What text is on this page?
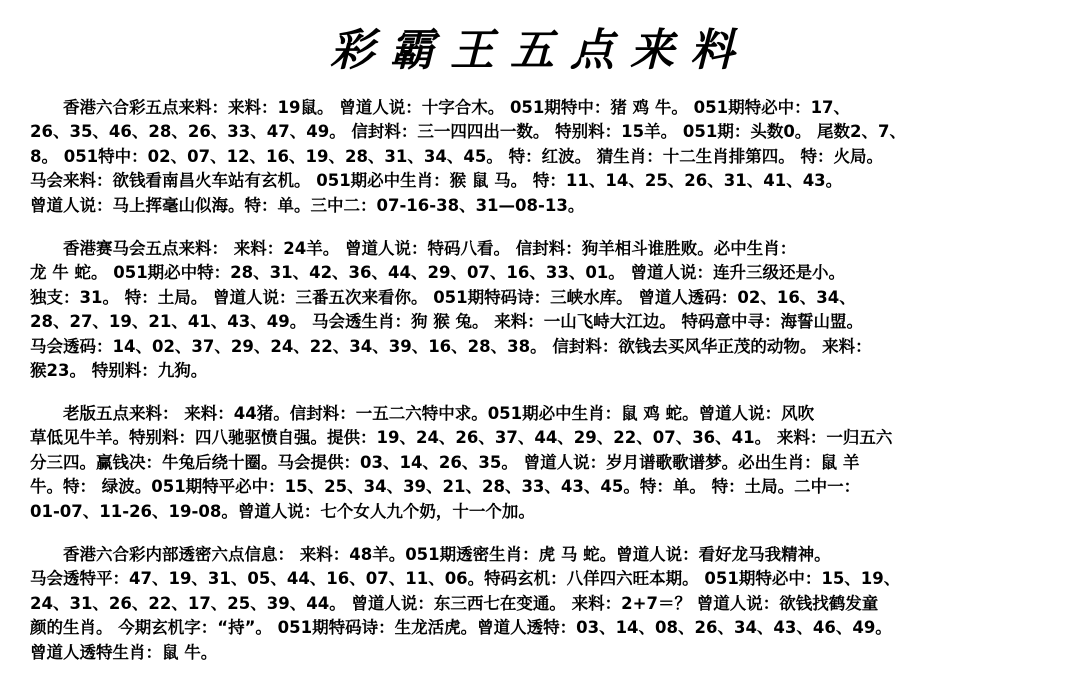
彩霸王五点来料
　　香港六合彩五点来料：来料：19鼠。 曾道人说：十字合木。 051期特中：猪 鸡 牛。 051期特必中：17、
26、35、46、28、26、33、47、49。 信封料：三一四四出一数。 特别料：15羊。 051期：头数0。 尾数2、7、
8。 051特中：02、07、12、16、19、28、31、34、45。 特：红波。 猜生肖：十二生肖排第四。 特：火局。
马会来料：欲钱看南昌火车站有玄机。 051期必中生肖：猴 鼠 马。 特：11、14、25、26、31、41、43。
曾道人说：马上挥毫山似海。特：单。三中二：07-16-38、31—08-13。
　　香港赛马会五点来料： 来料：24羊。 曾道人说：特码八看。 信封料：狗羊相斗谁胜败。必中生肖：
龙 牛 蛇。 051期必中特：28、31、42、36、44、29、07、16、33、01。 曾道人说：连升三级还是小。
独支：31。 特：土局。 曾道人说：三番五次来看你。 051期特码诗：三峡水库。 曾道人透码：02、16、34、
28、27、19、21、41、43、49。 马会透生肖：狗 猴 兔。 来料：一山飞峙大江边。 特码意中寻：海誓山盟。
马会透码：14、02、37、29、24、22、34、39、16、28、38。 信封料：欲钱去买风华正茂的动物。 来料：
猴23。 特别料：九狗。
　　老版五点来料： 来料：44猪。信封料：一五二六特中求。051期必中生肖：鼠 鸡 蛇。曾道人说：风吹
草低见牛羊。特别料：四八驰驱愤自强。提供：19、24、26、37、44、29、22、07、36、41。 来料：一归五六
分三四。赢钱决：牛兔后绕十圈。马会提供：03、14、26、35。 曾道人说：岁月谱歌歌谱梦。必出生肖：鼠 羊
牛。特： 绿波。051期特平必中：15、25、34、39、21、28、33、43、45。特：单。 特：土局。二中一：
01-07、11-26、19-08。曾道人说：七个女人九个奶，十一个加。
　　香港六合彩内部透密六点信息： 来料：48羊。051期透密生肖：虎 马 蛇。曾道人说：看好龙马我精神。
马会透特平：47、19、31、05、44、16、07、11、06。特码玄机：八佯四六旺本期。 051期特必中：15、19、
24、31、26、22、17、25、39、44。 曾道人说：东三西七在变通。 来料：2+7＝？ 曾道人说：欲钱找鹤发童
颜的生肖。 今期玄机字：“持”。 051期特码诗：生龙活虎。曾道人透特：03、14、08、26、34、43、46、49。
曾道人透特生肖：鼠 牛。
